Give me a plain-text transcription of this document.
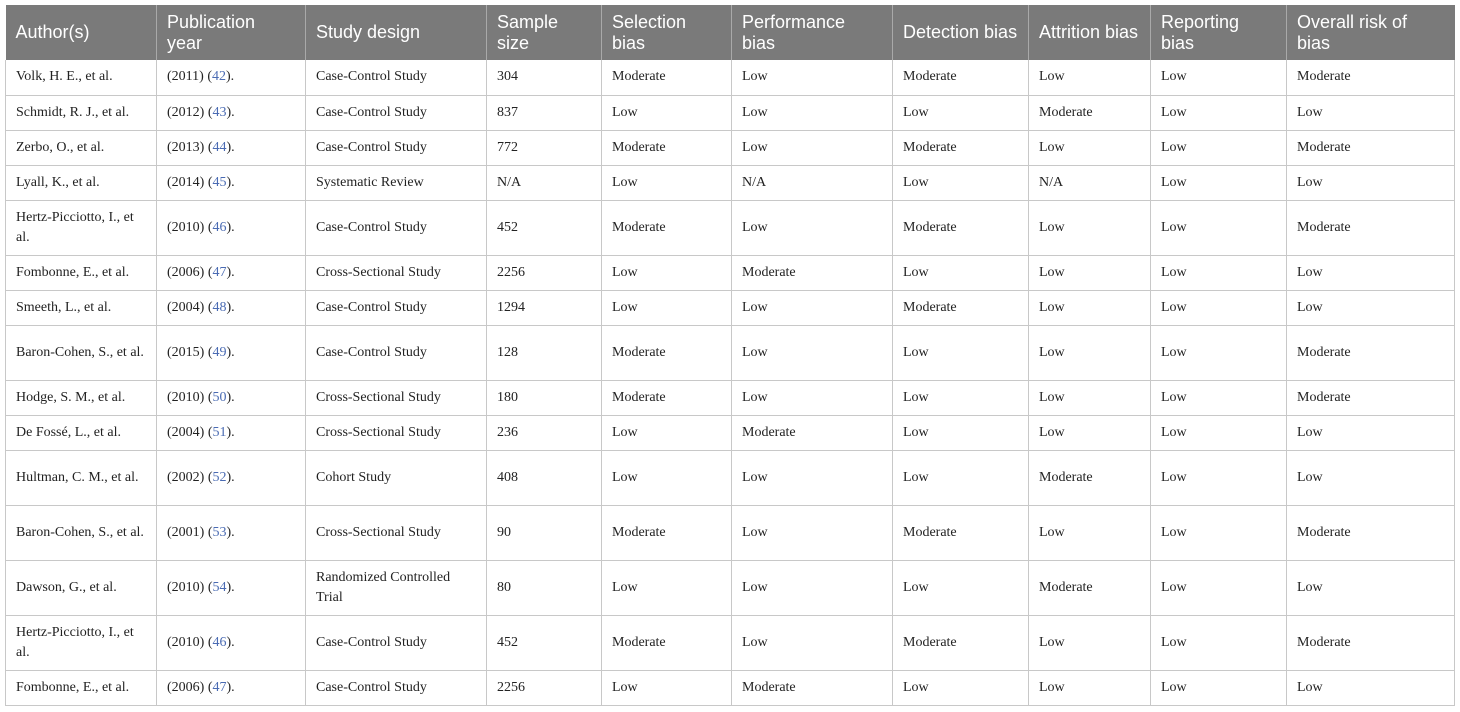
Author(s)	Publication year	Study design	Sample size	Selection bias	Performance bias	Detection bias	Attrition bias	Reporting bias	Overall risk of bias
Volk, H. E., et al.	(2011) (42).	Case-Control Study	304	Moderate	Low	Moderate	Low	Low	Moderate
Schmidt, R. J., et al.	(2012) (43).	Case-Control Study	837	Low	Low	Low	Moderate	Low	Low
Zerbo, O., et al.	(2013) (44).	Case-Control Study	772	Moderate	Low	Moderate	Low	Low	Moderate
Lyall, K., et al.	(2014) (45).	Systematic Review	N/A	Low	N/A	Low	N/A	Low	Low
Hertz-Picciotto, I., et al.	(2010) (46).	Case-Control Study	452	Moderate	Low	Moderate	Low	Low	Moderate
Fombonne, E., et al.	(2006) (47).	Cross-Sectional Study	2256	Low	Moderate	Low	Low	Low	Low
Smeeth, L., et al.	(2004) (48).	Case-Control Study	1294	Low	Low	Moderate	Low	Low	Low
Baron-Cohen, S., et al.	(2015) (49).	Case-Control Study	128	Moderate	Low	Low	Low	Low	Moderate
Hodge, S. M., et al.	(2010) (50).	Cross-Sectional Study	180	Moderate	Low	Low	Low	Low	Moderate
De Fossé, L., et al.	(2004) (51).	Cross-Sectional Study	236	Low	Moderate	Low	Low	Low	Low
Hultman, C. M., et al.	(2002) (52).	Cohort Study	408	Low	Low	Low	Moderate	Low	Low
Baron-Cohen, S., et al.	(2001) (53).	Cross-Sectional Study	90	Moderate	Low	Moderate	Low	Low	Moderate
Dawson, G., et al.	(2010) (54).	Randomized Controlled Trial	80	Low	Low	Low	Moderate	Low	Low
Hertz-Picciotto, I., et al.	(2010) (46).	Case-Control Study	452	Moderate	Low	Moderate	Low	Low	Moderate
Fombonne, E., et al.	(2006) (47).	Case-Control Study	2256	Low	Moderate	Low	Low	Low	Low
